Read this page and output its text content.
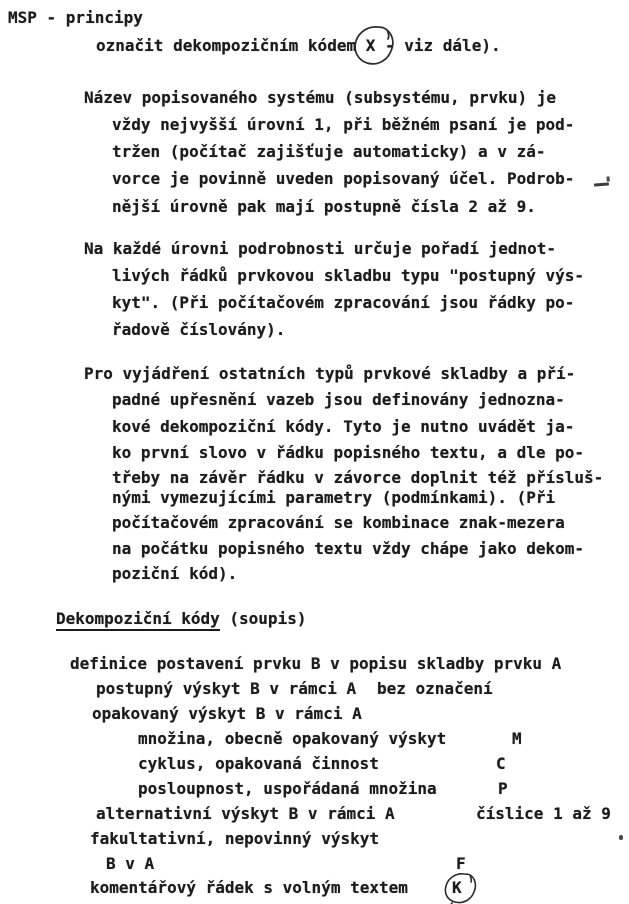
MSP - principy
označit dekompozičním kódem X
- viz dále).
Název popisovaného systému (subsystému, prvku) je
vždy nejvyšší úrovní 1, při běžném psaní je pod-
tržen (počítač zajišťuje automaticky) a v zá-
vorce je povinně uveden popisovaný účel. Podrob-
nější úrovně pak mají postupně čísla 2 až 9.
Na každé úrovni podrobnosti určuje pořadí jednot-
livých řádků prvkovou skladbu typu "postupný výs-
kyt". (Při počítačovém zpracování jsou řádky po-
řadově číslovány).
Pro vyjádření ostatních typů prvkové skladby a pří-
padné upřesnění vazeb jsou definovány jednozna-
kové dekompoziční kódy. Tyto je nutno uvádět ja-
ko první slovo v řádku popisného textu, a dle po-
třeby na závěr řádku v závorce doplnit též přísluš-
nými vymezujícími parametry (podmínkami). (Při
počítačovém zpracování se kombinace znak-mezera
na počátku popisného textu vždy chápe jako dekom-
poziční kód).
Dekompoziční kódy (soupis)
definice postavení prvku B v popisu skladby prvku A
postupný výskyt B v rámci A bez označení
opakovaný výskyt B v rámci A
množina, obecně opakovaný výskyt	M
cyklus, opakovaná činnost	C
posloupnost, uspořádaná množina	P
alternativní výskyt B v rámci A	číslice 1 až 9
fakultativní, nepovinný výskyt
B v A	F
komentářový řádek s volným textem	K
